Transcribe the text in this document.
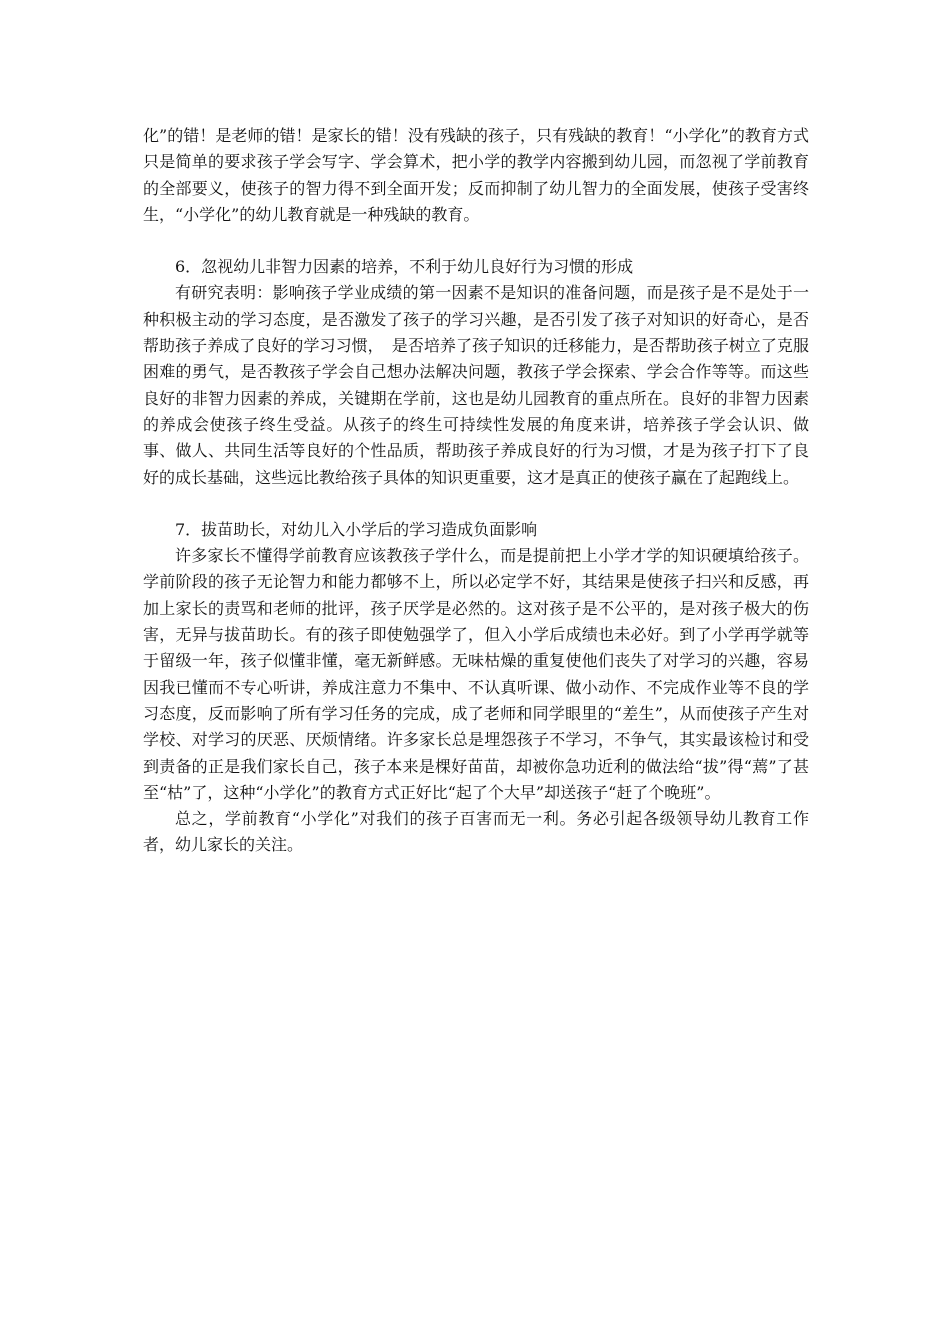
化”的错！是老师的错！是家长的错！没有残缺的孩子，只有残缺的教育！“小学化”的教育方式只是简单的要求孩子学会写字、学会算术，把小学的教学内容搬到幼儿园，而忽视了学前教育的全部要义，使孩子的智力得不到全面开发；反而抑制了幼儿智力的全面发展，使孩子受害终生，“小学化”的幼儿教育就是一种残缺的教育。

6．忽视幼儿非智力因素的培养，不利于幼儿良好行为习惯的形成

有研究表明：影响孩子学业成绩的第一因素不是知识的准备问题，而是孩子是不是处于一种积极主动的学习态度，是否激发了孩子的学习兴趣，是否引发了孩子对知识的好奇心，是否帮助孩子养成了良好的学习习惯，　是否培养了孩子知识的迁移能力，是否帮助孩子树立了克服困难的勇气，是否教孩子学会自己想办法解决问题，教孩子学会探索、学会合作等等。而这些良好的非智力因素的养成，关键期在学前，这也是幼儿园教育的重点所在。良好的非智力因素的养成会使孩子终生受益。从孩子的终生可持续性发展的角度来讲，培养孩子学会认识、做事、做人、共同生活等良好的个性品质，帮助孩子养成良好的行为习惯，才是为孩子打下了良好的成长基础，这些远比教给孩子具体的知识更重要，这才是真正的使孩子赢在了起跑线上。

7．拔苗助长，对幼儿入小学后的学习造成负面影响

许多家长不懂得学前教育应该教孩子学什么，而是提前把上小学才学的知识硬填给孩子。学前阶段的孩子无论智力和能力都够不上，所以必定学不好，其结果是使孩子扫兴和反感，再加上家长的责骂和老师的批评，孩子厌学是必然的。这对孩子是不公平的，是对孩子极大的伤害，无异与拔苗助长。有的孩子即使勉强学了，但入小学后成绩也未必好。到了小学再学就等于留级一年，孩子似懂非懂，毫无新鲜感。无味枯燥的重复使他们丧失了对学习的兴趣，容易因我已懂而不专心听讲，养成注意力不集中、不认真听课、做小动作、不完成作业等不良的学习态度，反而影响了所有学习任务的完成，成了老师和同学眼里的“差生”，从而使孩子产生对学校、对学习的厌恶、厌烦情绪。许多家长总是埋怨孩子不学习，不争气，其实最该检讨和受到责备的正是我们家长自己，孩子本来是棵好苗苗，却被你急功近利的做法给“拔”得“蔫”了甚至“枯”了，这种“小学化”的教育方式正好比“起了个大早”却送孩子“赶了个晚班”。

总之，学前教育“小学化”对我们的孩子百害而无一利。务必引起各级领导幼儿教育工作者，幼儿家长的关注。
